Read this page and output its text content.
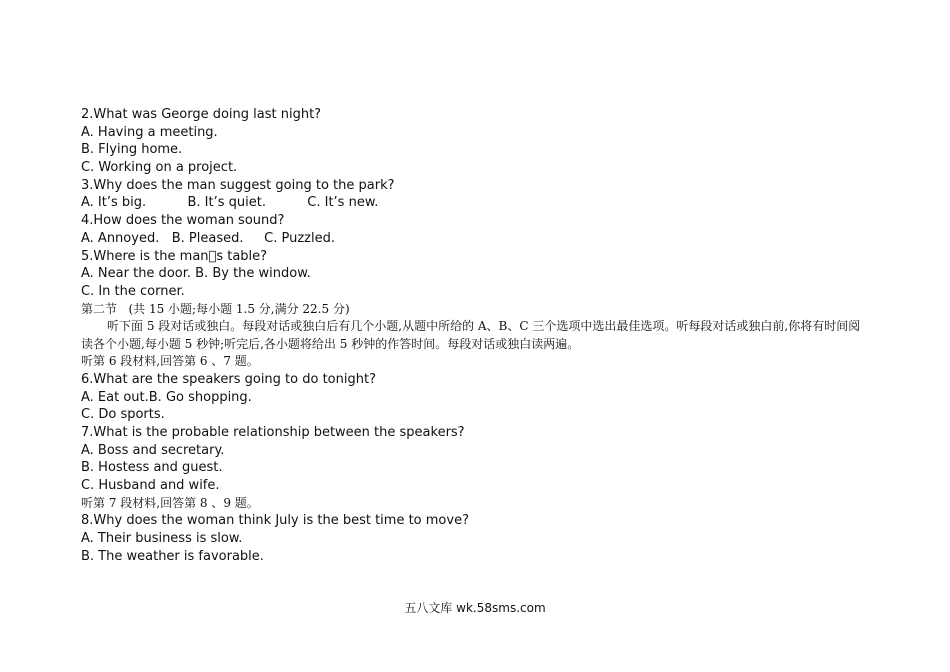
2.What was George doing last night?
A. Having a meeting.
B. Flying home.
C. Working on a project.
3.Why does the man suggest going to the park?
A. It’s big.          B. It’s quiet.          C. It’s new.
4.How does the woman sound?
A. Annoyed.   B. Pleased.     C. Puzzled.
5.Where is the man s table?
A. Near the door. B. By the window.
C. In the corner.
第二节   (共 15 小题;每小题 1.5 分,满分 22.5 分)
听下面 5 段对话或独白。每段对话或独白后有几个小题,从题中所给的 A、B、C 三个选项中选出最佳选项。听每段对话或独白前,你将有时间阅读各个小题,每小题 5 秒钟;听完后,各小题将给出 5 秒钟的作答时间。每段对话或独白读两遍。
听第 6 段材料,回答第 6 、7 题。
6.What are the speakers going to do tonight?
A. Eat out.B. Go shopping.
C. Do sports.
7.What is the probable relationship between the speakers?
A. Boss and secretary.
B. Hostess and guest.
C. Husband and wife.
听第 7 段材料,回答第 8 、9 题。
8.Why does the woman think July is the best time to move?
A. Their business is slow.
B. The weather is favorable.
五八文库 wk.58sms.com
